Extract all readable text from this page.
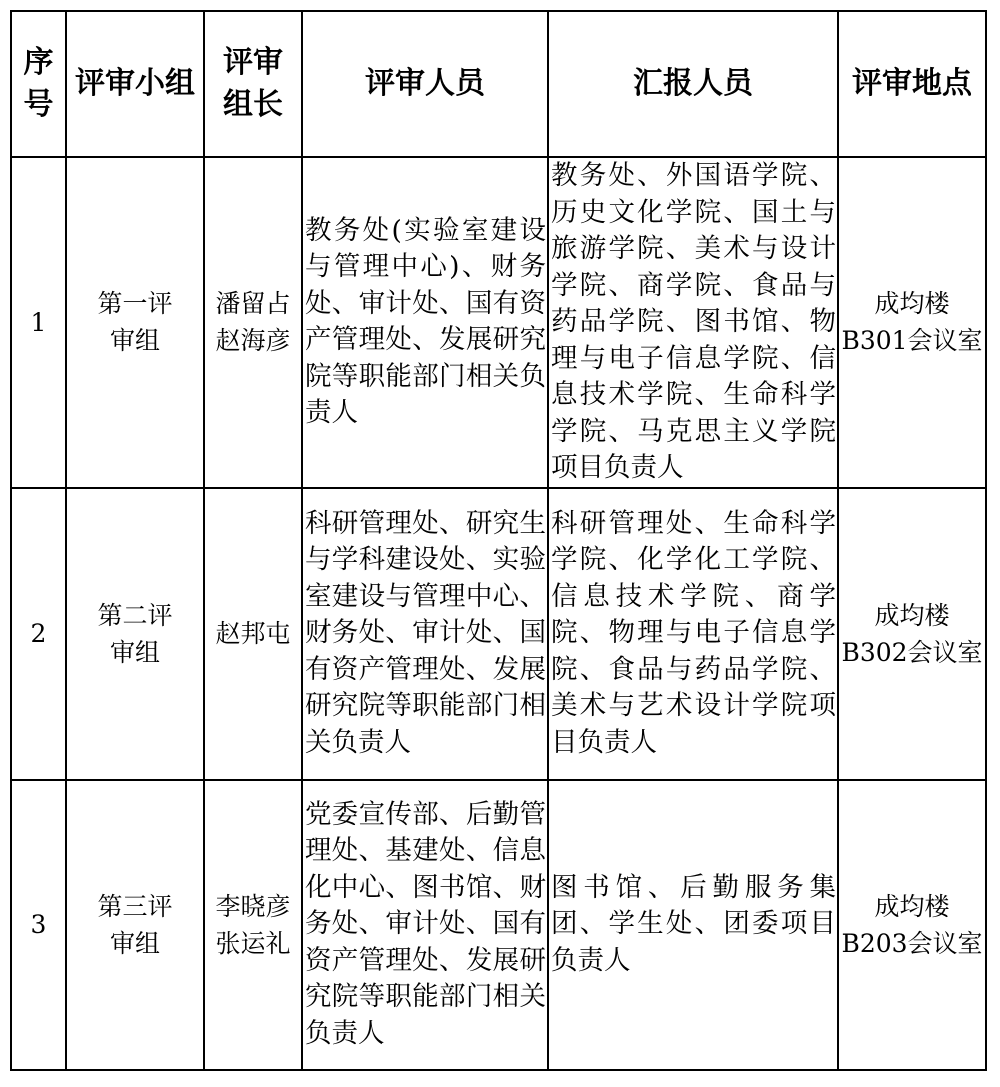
序号	评审小组	评审组长	评审人员	汇报人员	评审地点
1	第一评审组	潘留占赵海彦	教务处(实验室建设与管理中心)、财务处、审计处、国有资产管理处、发展研究院等职能部门相关负责人	教务处、外国语学院、历史文化学院、国土与旅游学院、美术与设计学院、商学院、食品与药品学院、图书馆、物理与电子信息学院、信息技术学院、生命科学学院、马克思主义学院项目负责人	成均楼 B301会议室
2	第二评审组	赵邦屯	科研管理处、研究生与学科建设处、实验室建设与管理中心、财务处、审计处、国有资产管理处、发展研究院等职能部门相关负责人	科研管理处、生命科学学院、化学化工学院、信息技术学院、商学院、物理与电子信息学院、食品与药品学院、美术与艺术设计学院项目负责人	成均楼 B302会议室
3	第三评审组	李晓彦张运礼	党委宣传部、后勤管理处、基建处、信息化中心、图书馆、财务处、审计处、国有资产管理处、发展研究院等职能部门相关负责人	图书馆、后勤服务集团、学生处、团委项目负责人	成均楼 B203会议室
